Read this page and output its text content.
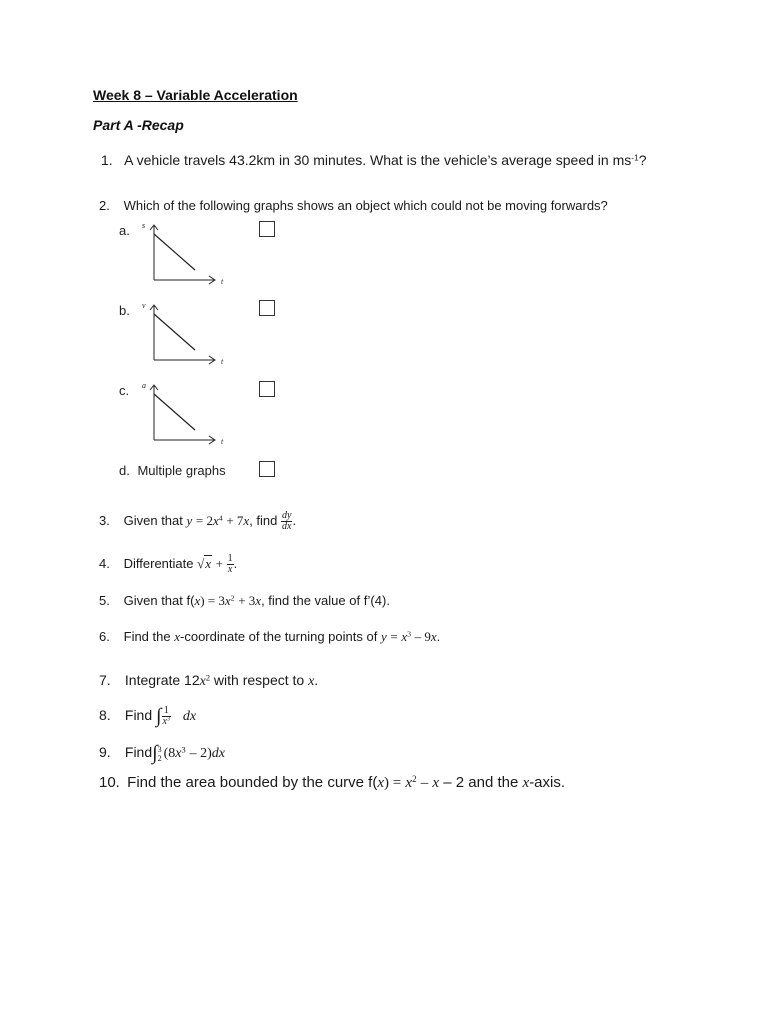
Week 8 – Variable Acceleration
Part A -Recap
1. A vehicle travels 43.2km in 30 minutes. What is the vehicle’s average speed in $ms^{-1}$?
2. Which of the following graphs shows an object which could not be moving forwards?
a. s
t
b. v
t
c. a
t
d. Multiple graphs
3. Given that $y = 2x^4 + 7x$, find $\frac{dy}{dx}$ .
4. Differentiate $√x + \frac{1}{x}$ .
5. Given that $f(x) = 3x^2 + 3x$, find the value of f’(4).
6. Find the x-coordinate of the turning points of $y = x^3 - 9x$.
7. Integrate $12x^2$ with respect to x.
8. Find ∫ $\frac{1}{x^3}$ dx
9. Find∫ 3
2 $(8x^3 - 2)dx$
10. Find the area bounded by the curve $f(x) = x^2 - x - 2$ and the x-axis.
